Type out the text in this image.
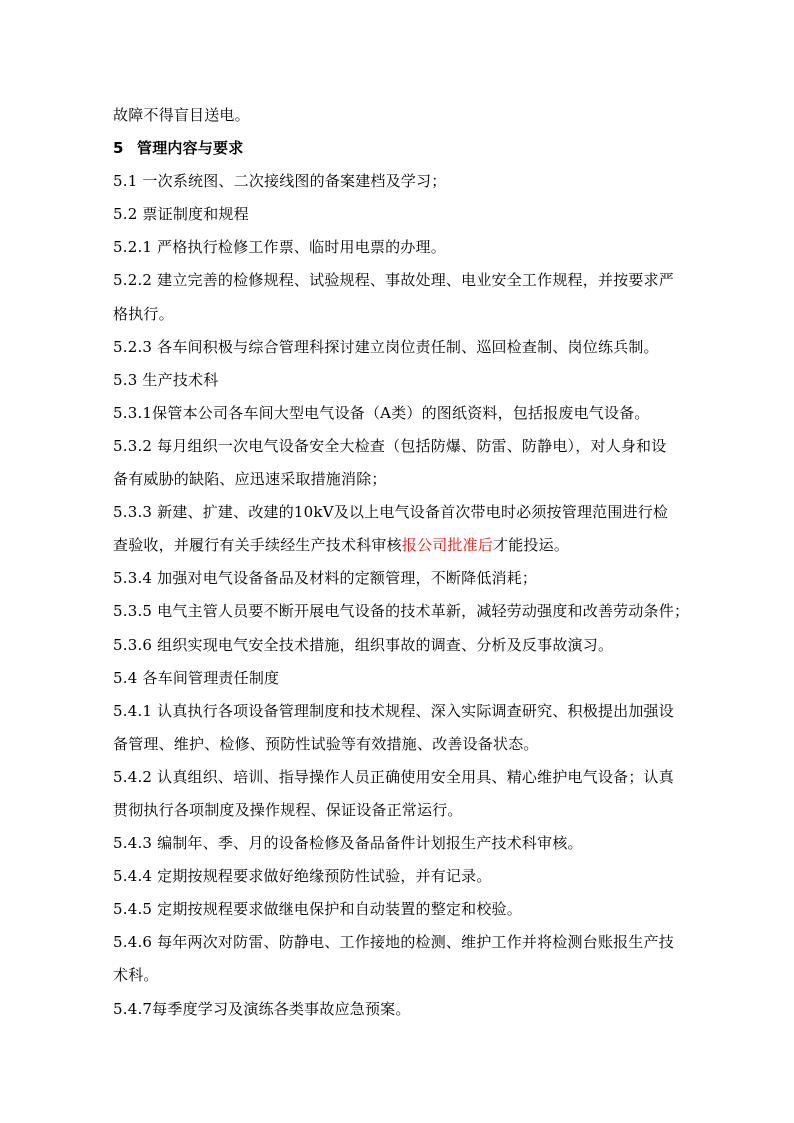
故障不得盲目送电。
5 管理内容与要求
5.1 一次系统图、二次接线图的备案建档及学习；
5.2 票证制度和规程
5.2.1 严格执行检修工作票、临时用电票的办理。
5.2.2 建立完善的检修规程、试验规程、事故处理、电业安全工作规程，并按要求严
格执行。
5.2.3 各车间积极与综合管理科探讨建立岗位责任制、巡回检查制、岗位练兵制。
5.3 生产技术科
5.3.1保管本公司各车间大型电气设备（A类）的图纸资料，包括报废电气设备。
5.3.2 每月组织一次电气设备安全大检查（包括防爆、防雷、防静电），对人身和设
备有威胁的缺陷、应迅速采取措施消除；
5.3.3 新建、扩建、改建的10kV及以上电气设备首次带电时必须按管理范围进行检
查验收，并履行有关手续经生产技术科审核报公司批准后才能投运。
5.3.4 加强对电气设备备品及材料的定额管理，不断降低消耗；
5.3.5 电气主管人员要不断开展电气设备的技术革新，减轻劳动强度和改善劳动条件；
5.3.6 组织实现电气安全技术措施，组织事故的调查、分析及反事故演习。
5.4 各车间管理责任制度
5.4.1 认真执行各项设备管理制度和技术规程、深入实际调查研究、积极提出加强设
备管理、维护、检修、预防性试验等有效措施、改善设备状态。
5.4.2 认真组织、培训、指导操作人员正确使用安全用具、精心维护电气设备；认真
贯彻执行各项制度及操作规程、保证设备正常运行。
5.4.3 编制年、季、月的设备检修及备品备件计划报生产技术科审核。
5.4.4 定期按规程要求做好绝缘预防性试验，并有记录。
5.4.5 定期按规程要求做继电保护和自动装置的整定和校验。
5.4.6 每年两次对防雷、防静电、工作接地的检测、维护工作并将检测台账报生产技
术科。
5.4.7每季度学习及演练各类事故应急预案。
